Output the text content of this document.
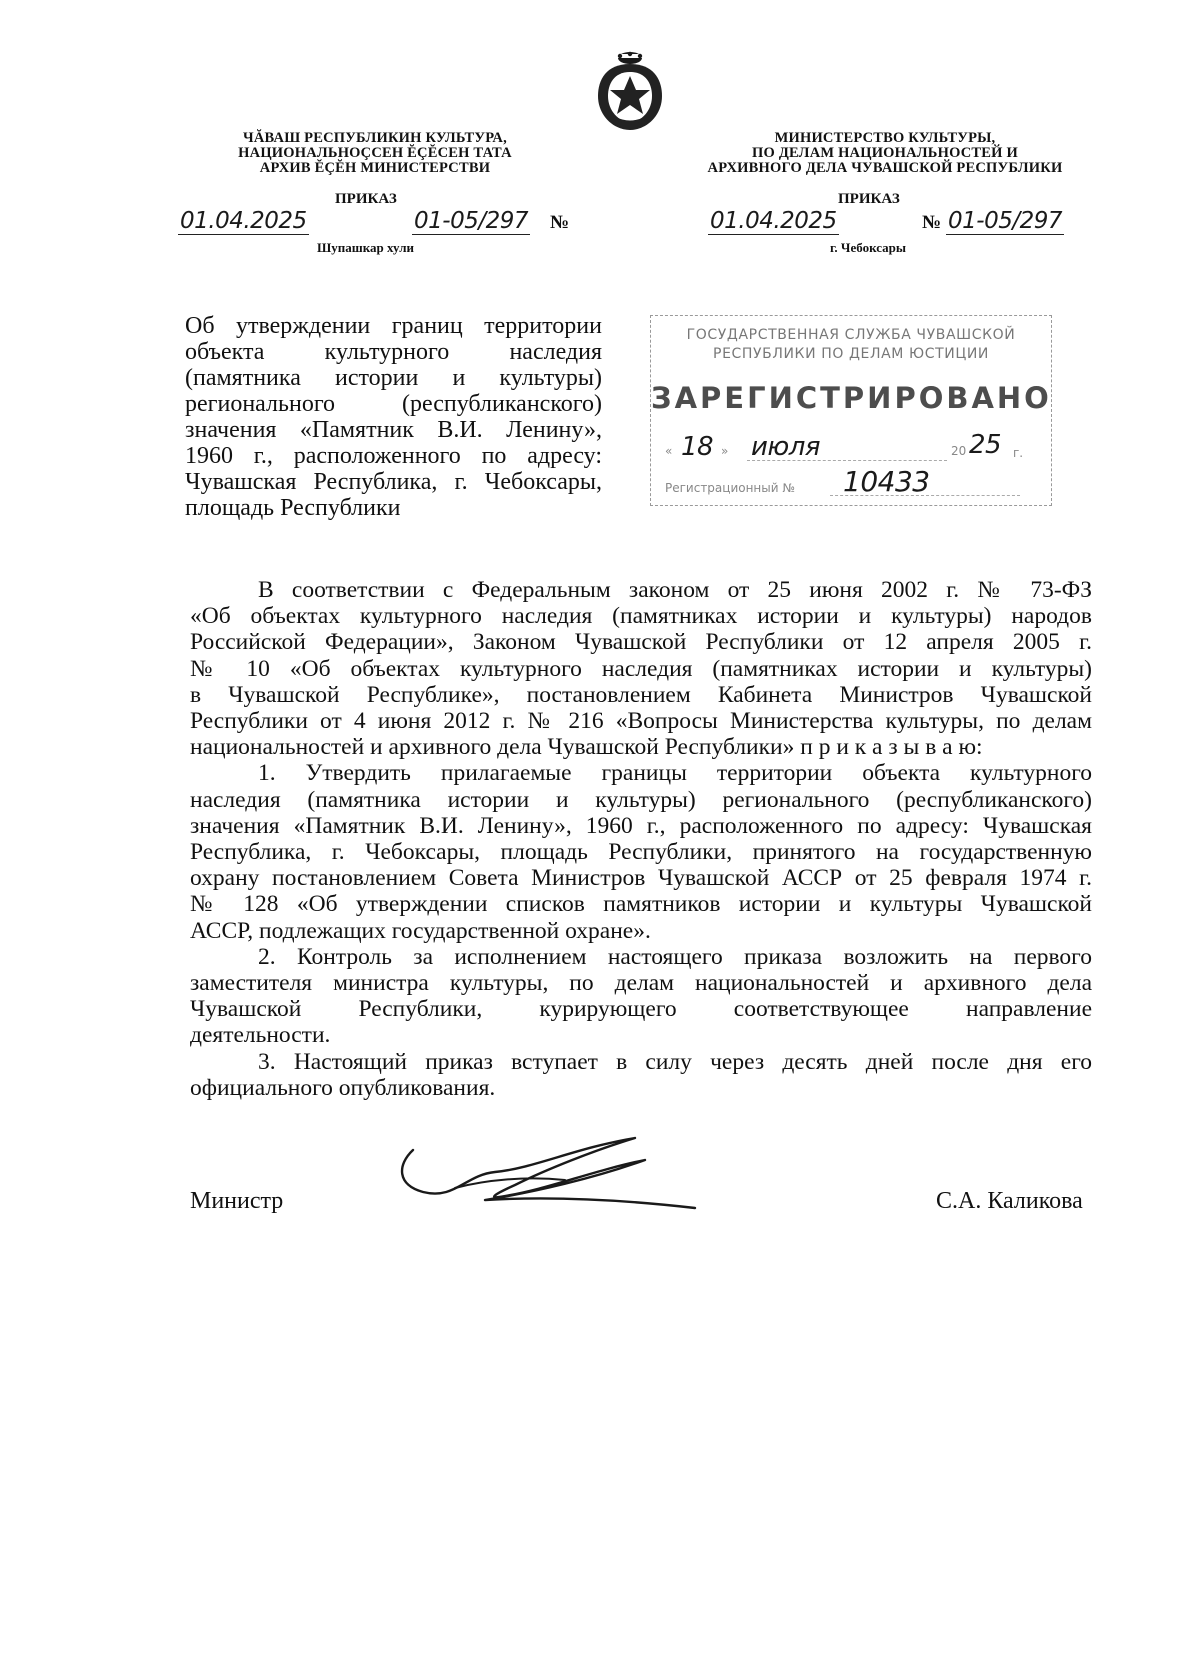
ЧĂВАШ РЕСПУБЛИКИН КУЛЬТУРА,
НАЦИОНАЛЬНОÇСЕН ĔÇĔСЕН ТАТА
АРХИВ ĔÇĔН МИНИСТЕРСТВИ
МИНИСТЕРСТВО КУЛЬТУРЫ,
ПО ДЕЛАМ НАЦИОНАЛЬНОСТЕЙ И
АРХИВНОГО ДЕЛА ЧУВАШСКОЙ РЕСПУБЛИКИ
ПРИКАЗ	ПРИКАЗ
01.04.2025	01-05/297 №
Шупашкар хули
01.04.2025	№ 01-05/297
г. Чебоксары
Об утверждении границ территории
объекта культурного наследия
(памятника истории и культуры)
регионального (республиканского)
значения «Памятник В.И. Ленину»,
1960 г., расположенного по адресу:
Чувашская Республика, г. Чебоксары,
площадь Республики
ГОСУДАРСТВЕННАЯ СЛУЖБА ЧУВАШСКОЙ
РЕСПУБЛИКИ ПО ДЕЛАМ ЮСТИЦИИ
ЗАРЕГИСТРИРОВАНО
« 18 » июля	20 25 г.
Регистрационный № 10433
В соответствии с Федеральным законом от 25 июня 2002 г. № 73-ФЗ
«Об объектах культурного наследия (памятниках истории и культуры) народов
Российской Федерации», Законом Чувашской Республики от 12 апреля 2005 г.
№ 10 «Об объектах культурного наследия (памятниках истории и культуры)
в Чувашской Республике», постановлением Кабинета Министров Чувашской
Республики от 4 июня 2012 г. № 216 «Вопросы Министерства культуры, по делам
национальностей и архивного дела Чувашской Республики» п р и к а з ы в а ю:
1. Утвердить прилагаемые границы территории объекта культурного
наследия (памятника истории и культуры) регионального (республиканского)
значения «Памятник В.И. Ленину», 1960 г., расположенного по адресу: Чувашская
Республика, г. Чебоксары, площадь Республики, принятого на государственную
охрану постановлением Совета Министров Чувашской АССР от 25 февраля 1974 г.
№ 128 «Об утверждении списков памятников истории и культуры Чувашской
АССР, подлежащих государственной охране».
2. Контроль за исполнением настоящего приказа возложить на первого
заместителя министра культуры, по делам национальностей и архивного дела
Чувашской Республики, курирующего соответствующее направление
деятельности.
3. Настоящий приказ вступает в силу через десять дней после дня его
официального опубликования.
Министр	С.А. Каликова
